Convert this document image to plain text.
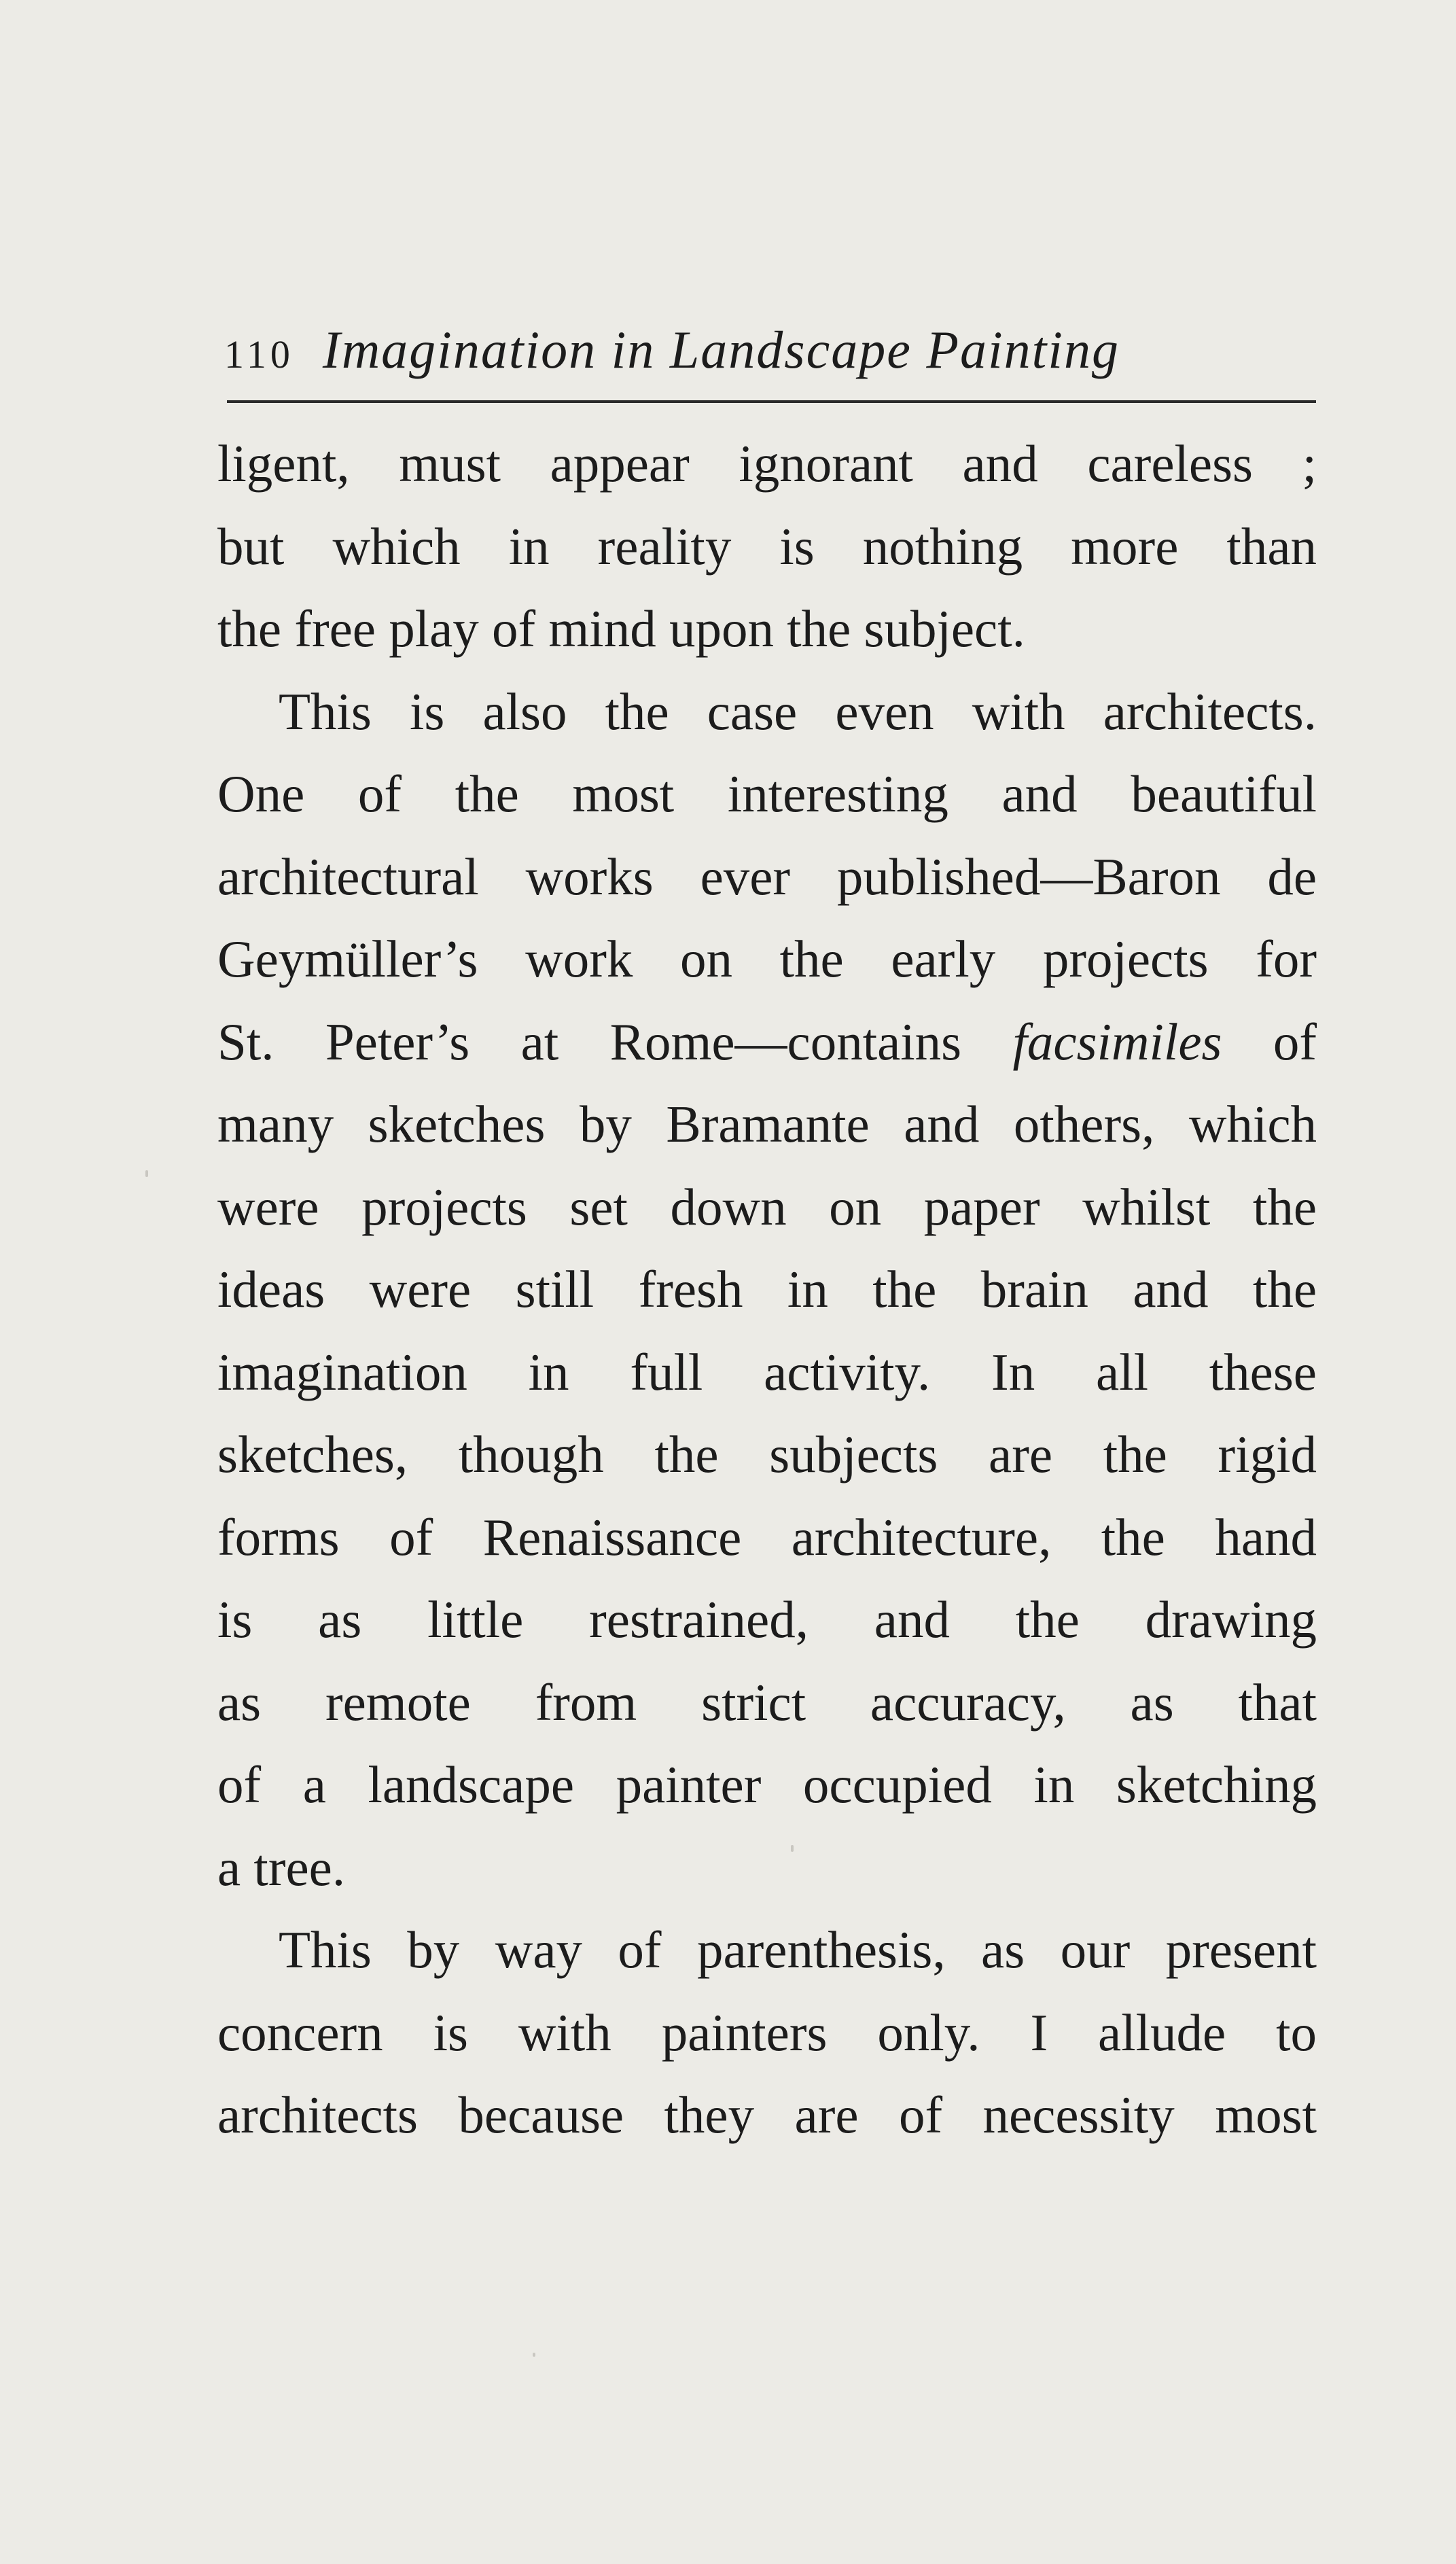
110 Imagination in Landscape Painting
ligent, must appear ignorant and careless ;
but which in reality is nothing more than
the free play of mind upon the subject.
This is also the case even with architects.
One of the most interesting and beautiful
architectural works ever published—Baron de
Geymüller’s work on the early projects for
St. Peter’s at Rome—contains facsimiles of
many sketches by Bramante and others, which
were projects set down on paper whilst the
ideas were still fresh in the brain and the
imagination in full activity. In all these
sketches, though the subjects are the rigid
forms of Renaissance architecture, the hand
is as little restrained, and the drawing
as remote from strict accuracy, as that
of a landscape painter occupied in sketching
a tree.
This by way of parenthesis, as our present
concern is with painters only. I allude to
architects because they are of necessity most
